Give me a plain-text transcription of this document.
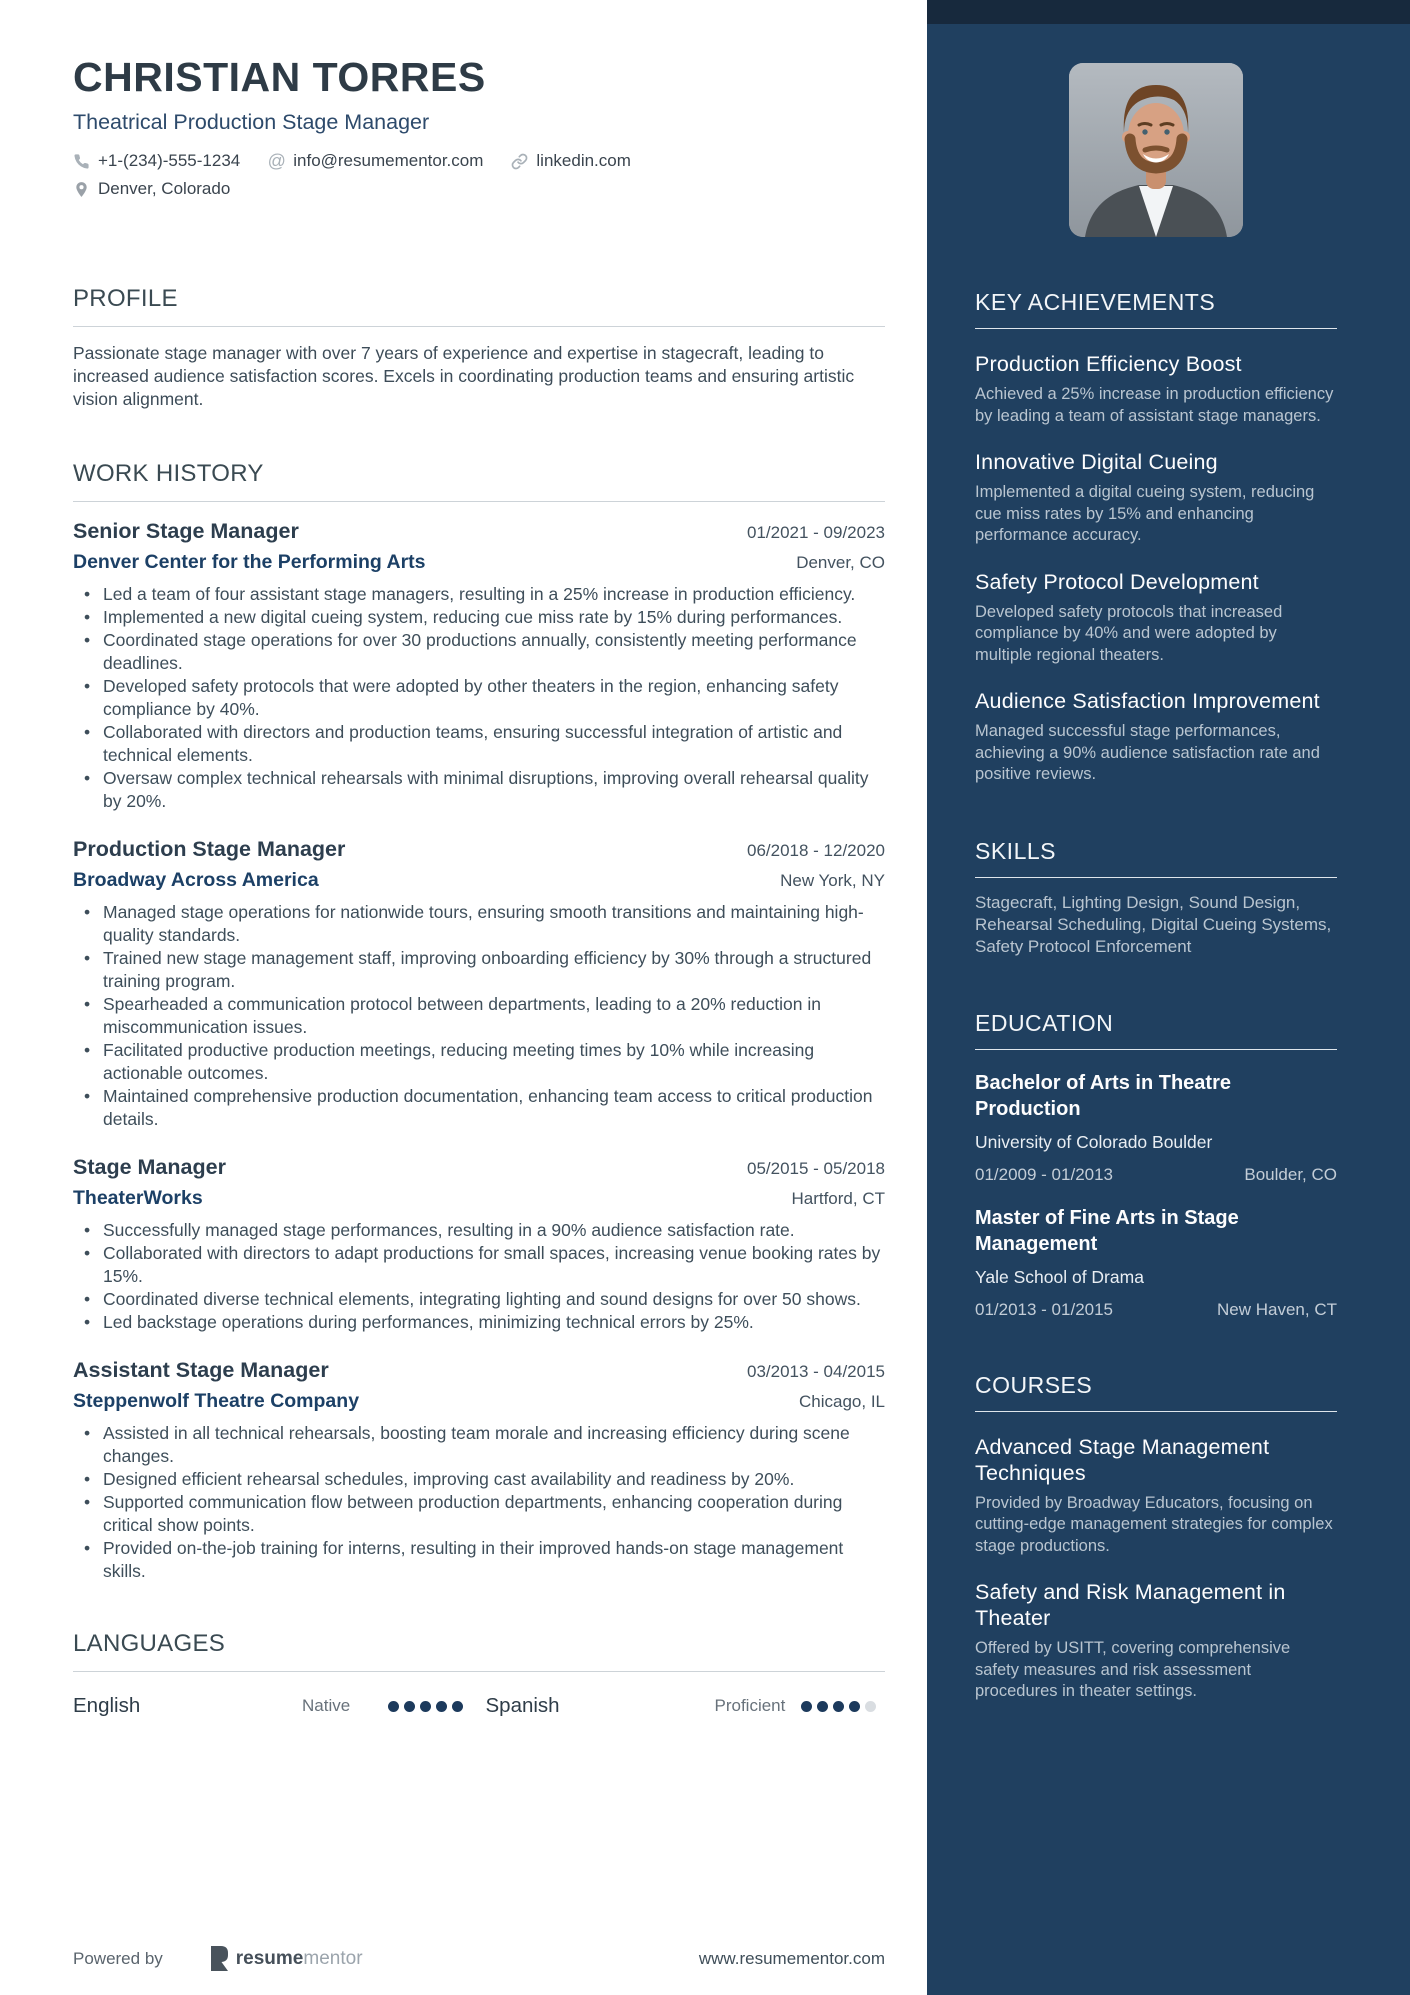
CHRISTIAN TORRES
Theatrical Production Stage Manager
+1-(234)-555-1234 @ info@resumementor.com	linkedin.com
Denver, Colorado
PROFILE

Passionate stage manager with over 7 years of experience and expertise in stagecraft, leading to increased audience satisfaction scores. Excels in coordinating production teams and ensuring artistic vision alignment.

WORK HISTORY
Senior Stage Manager	01/2021 - 09/2023
Denver Center for the Performing Arts	Denver, CO
• Led a team of four assistant stage managers, resulting in a 25% increase in production efficiency.
• Implemented a new digital cueing system, reducing cue miss rate by 15% during performances.
• Coordinated stage operations for over 30 productions annually, consistently meeting performance deadlines.
• Developed safety protocols that were adopted by other theaters in the region, enhancing safety compliance by 40%.
• Collaborated with directors and production teams, ensuring successful integration of artistic and technical elements.
• Oversaw complex technical rehearsals with minimal disruptions, improving overall rehearsal quality by 20%.
Production Stage Manager	06/2018 - 12/2020
Broadway Across America	New York, NY
• Managed stage operations for nationwide tours, ensuring smooth transitions and maintaining high-quality standards.
• Trained new stage management staff, improving onboarding efficiency by 30% through a structured training program.
• Spearheaded a communication protocol between departments, leading to a 20% reduction in miscommunication issues.
• Facilitated productive production meetings, reducing meeting times by 10% while increasing actionable outcomes.
• Maintained comprehensive production documentation, enhancing team access to critical production details.
Stage Manager	05/2015 - 05/2018
TheaterWorks	Hartford, CT
• Successfully managed stage performances, resulting in a 90% audience satisfaction rate.
• Collaborated with directors to adapt productions for small spaces, increasing venue booking rates by 15%.
• Coordinated diverse technical elements, integrating lighting and sound designs for over 50 shows.
• Led backstage operations during performances, minimizing technical errors by 25%.
Assistant Stage Manager	03/2013 - 04/2015
Steppenwolf Theatre Company	Chicago, IL
• Assisted in all technical rehearsals, boosting team morale and increasing efficiency during scene changes.
• Designed efficient rehearsal schedules, improving cast availability and readiness by 20%.
• Supported communication flow between production departments, enhancing cooperation during critical show points.
• Provided on-the-job training for interns, resulting in their improved hands-on stage management skills.
LANGUAGES
English	Native	Spanish	Proficient
Powered by	resumementor	www.resumementor.com
KEY ACHIEVEMENTS
Production Efficiency Boost
Achieved a 25% increase in production efficiency by leading a team of assistant stage managers.
Innovative Digital Cueing
Implemented a digital cueing system, reducing cue miss rates by 15% and enhancing performance accuracy.
Safety Protocol Development
Developed safety protocols that increased compliance by 40% and were adopted by multiple regional theaters.
Audience Satisfaction Improvement
Managed successful stage performances, achieving a 90% audience satisfaction rate and positive reviews.
SKILLS

Stagecraft, Lighting Design, Sound Design, Rehearsal Scheduling, Digital Cueing Systems, Safety Protocol Enforcement

EDUCATION
Bachelor of Arts in Theatre Production
University of Colorado Boulder
01/2009 - 01/2013	Boulder, CO
Master of Fine Arts in Stage Management
Yale School of Drama
01/2013 - 01/2015	New Haven, CT
COURSES
Advanced Stage Management Techniques
Provided by Broadway Educators, focusing on cutting-edge management strategies for complex stage productions.
Safety and Risk Management in Theater
Offered by USITT, covering comprehensive safety measures and risk assessment procedures in theater settings.
